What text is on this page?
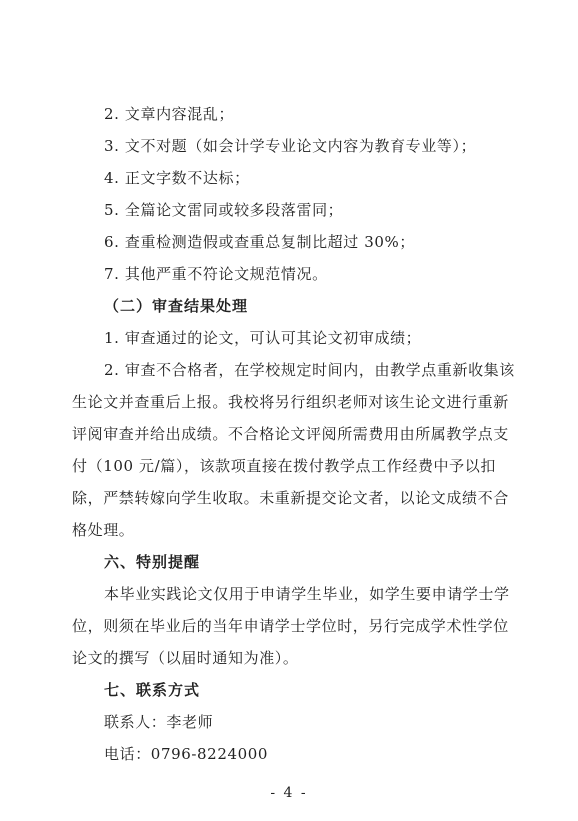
2. 文章内容混乱；
3. 文不对题（如会计学专业论文内容为教育专业等）；
4. 正文字数不达标；
5. 全篇论文雷同或较多段落雷同；
6. 查重检测造假或查重总复制比超过 30%；
7. 其他严重不符论文规范情况。
（二）审查结果处理
1. 审查通过的论文，可认可其论文初审成绩；
2. 审查不合格者，在学校规定时间内，由教学点重新收集该
生论文并查重后上报。我校将另行组织老师对该生论文进行重新
评阅审查并给出成绩。不合格论文评阅所需费用由所属教学点支
付（100 元/篇），该款项直接在拨付教学点工作经费中予以扣
除，严禁转嫁向学生收取。未重新提交论文者，以论文成绩不合
格处理。
六、特别提醒
本毕业实践论文仅用于申请学生毕业，如学生要申请学士学
位，则须在毕业后的当年申请学士学位时，另行完成学术性学位
论文的撰写（以届时通知为准）。
七、联系方式
联系人：李老师
电话：0796-8224000
- 4 -
